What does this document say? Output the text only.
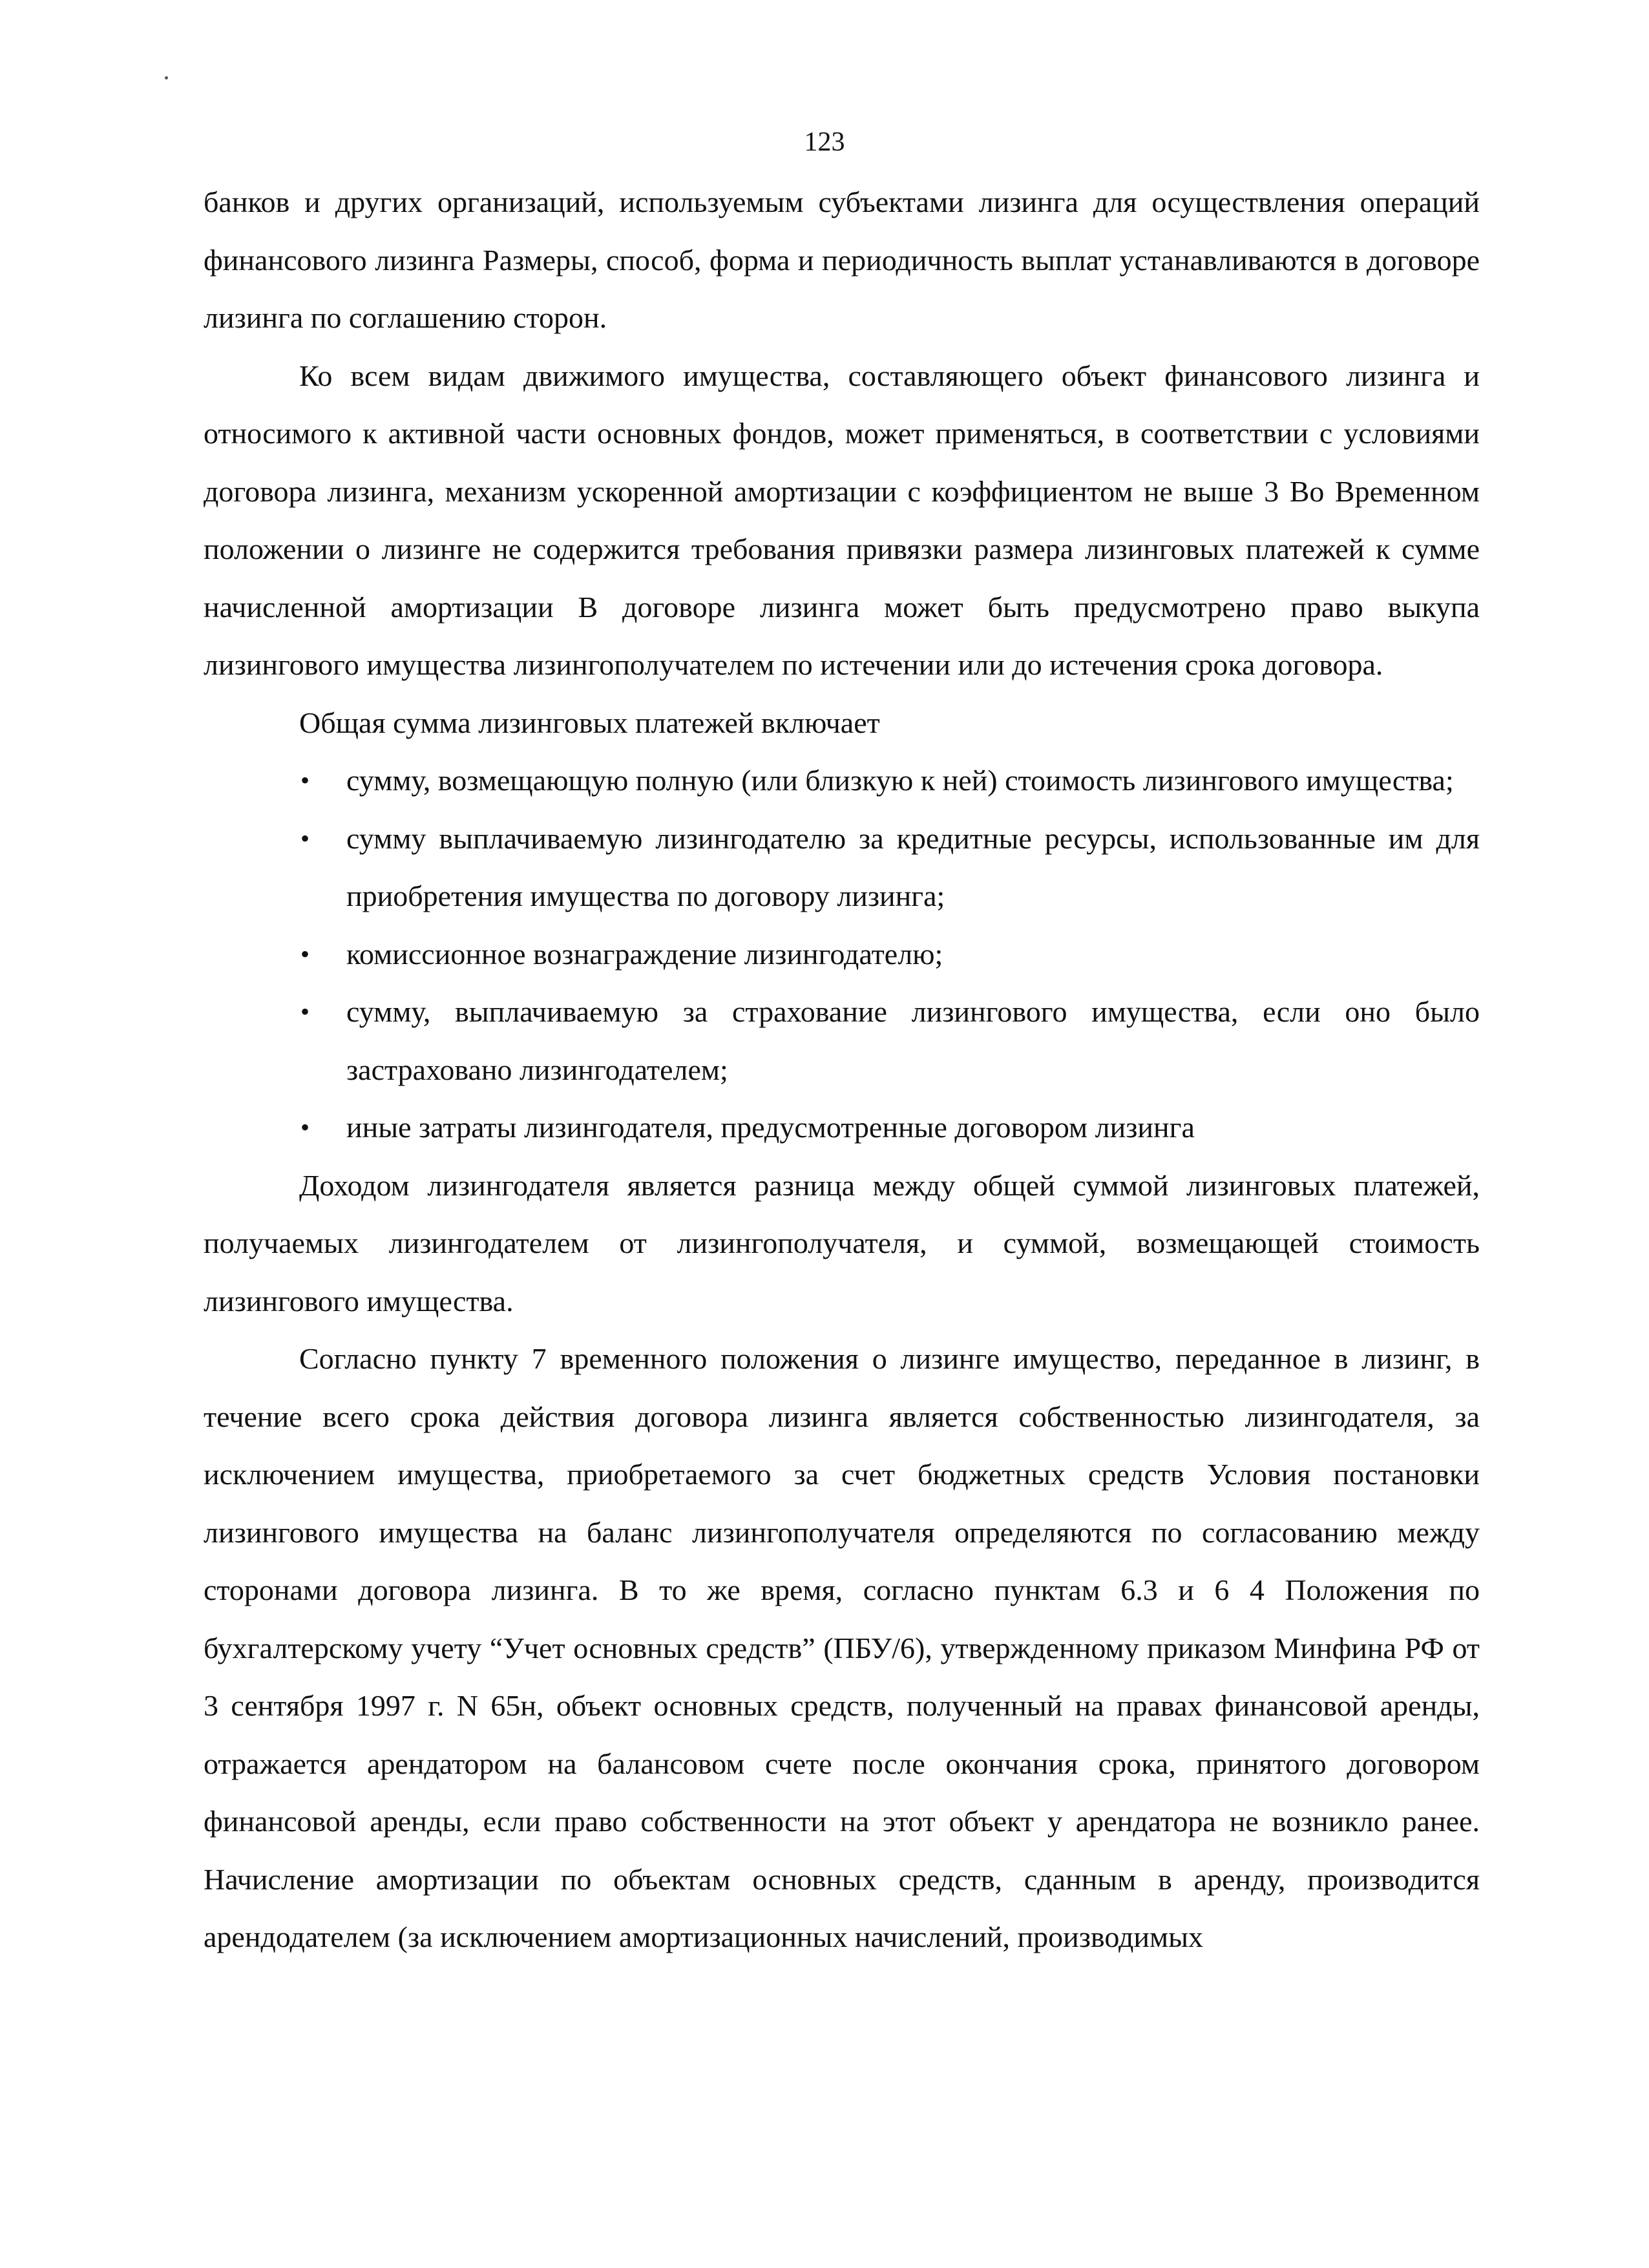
123

банков и других организаций, используемым субъектами лизинга для осуществления операций финансового лизинга Размеры, способ, форма и периодичность выплат устанавливаются в договоре лизинга по соглашению сторон.

Ко всем видам движимого имущества, составляющего объект финансового лизинга и относимого к активной части основных фондов, может применяться, в соответствии с условиями договора лизинга, механизм ускоренной амортизации с коэффициентом не выше 3 Во Временном положении о лизинге не содержится требования привязки размера лизинговых платежей к сумме начисленной амортизации В договоре лизинга может быть предусмотрено право выкупа лизингового имущества лизингополучателем по истечении или до истечения срока договора.

Общая сумма лизинговых платежей включает

•	сумму, возмещающую полную (или близкую к ней) стоимость лизингового имущества;
•	сумму выплачиваемую лизингодателю за кредитные ресурсы, использованные им для приобретения имущества по договору лизинга;
•	комиссионное вознаграждение лизингодателю;
•	сумму, выплачиваемую за страхование лизингового имущества, если оно было застраховано лизингодателем;
•	иные затраты лизингодателя, предусмотренные договором лизинга

Доходом лизингодателя является разница между общей суммой лизинговых платежей, получаемых лизингодателем от лизингополучателя, и суммой, возмещающей стоимость лизингового имущества.

Согласно пункту 7 временного положения о лизинге имущество, переданное в лизинг, в течение всего срока действия договора лизинга является собственностью лизингодателя, за исключением имущества, приобретаемого за счет бюджетных средств Условия постановки лизингового имущества на баланс лизингополучателя определяются по согласованию между сторонами договора лизинга. В то же время, согласно пунктам 6.3 и 6 4 Положения по бухгалтерскому учету “Учет основных средств” (ПБУ/6), утвержденному приказом Минфина РФ от 3 сентября 1997 г. N 65н, объект основных средств, полученный на правах финансовой аренды, отражается арендатором на балансовом счете после окончания срока, принятого договором финансовой аренды, если право собственности на этот объект у арендатора не возникло ранее. Начисление амортизации по объектам основных средств, сданным в аренду, производится арендодателем (за исключением амортизационных начислений, производимых
